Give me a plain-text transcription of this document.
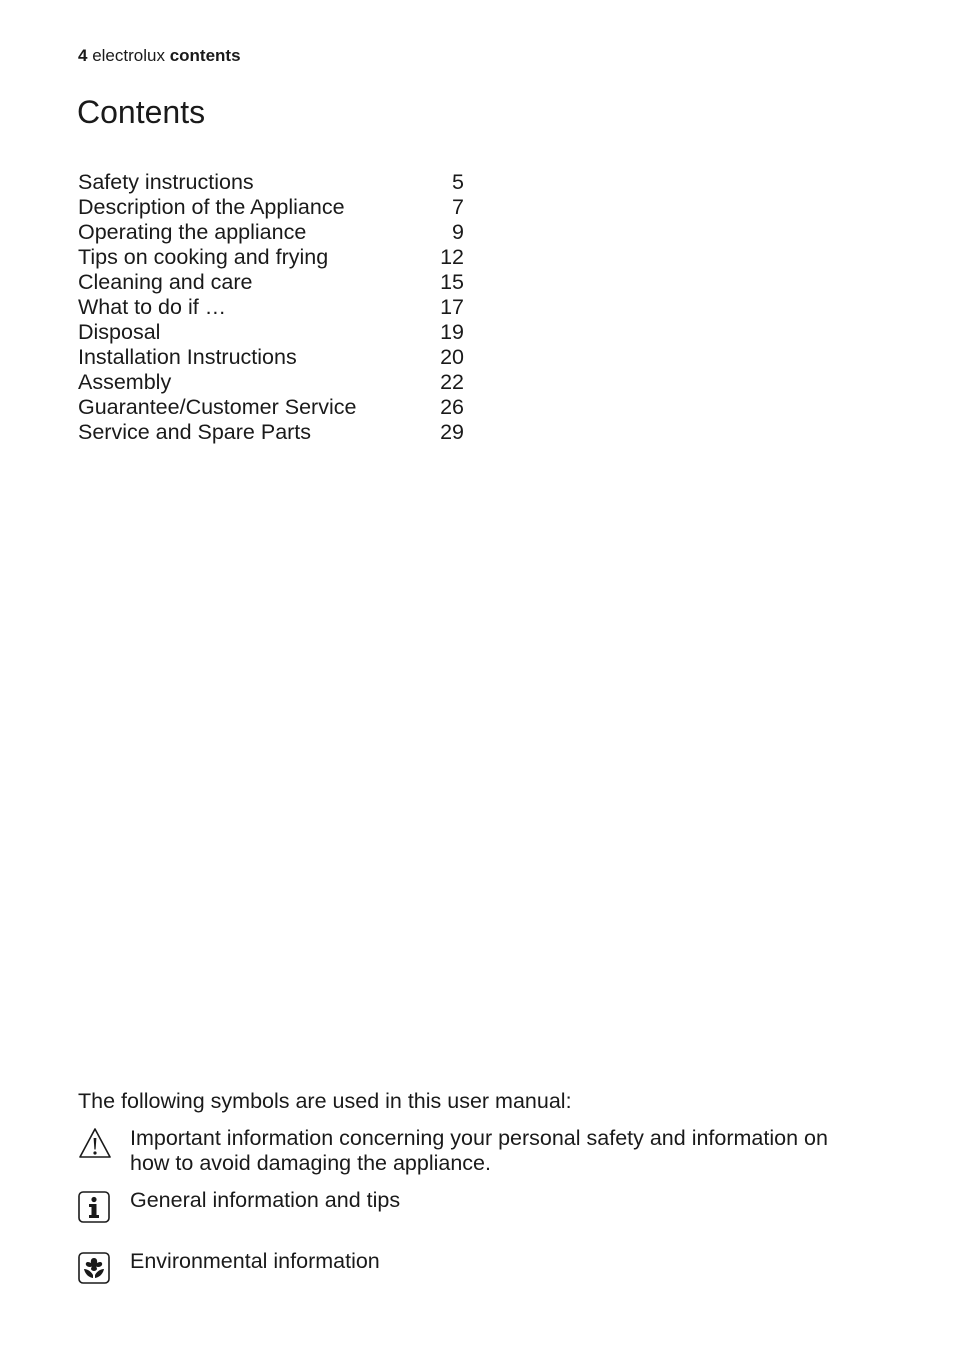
4 electrolux contents
Contents
Safety instructions	5
Description of the Appliance	7
Operating the appliance	9
Tips on cooking and frying	12
Cleaning and care	15
What to do if …	17
Disposal	19
Installation Instructions	20
Assembly	22
Guarantee/Customer Service	26
Service and Spare Parts	29
The following symbols are used in this user manual:
Important information concerning your personal safety and information on how to avoid damaging the appliance.
General information and tips
Environmental information
